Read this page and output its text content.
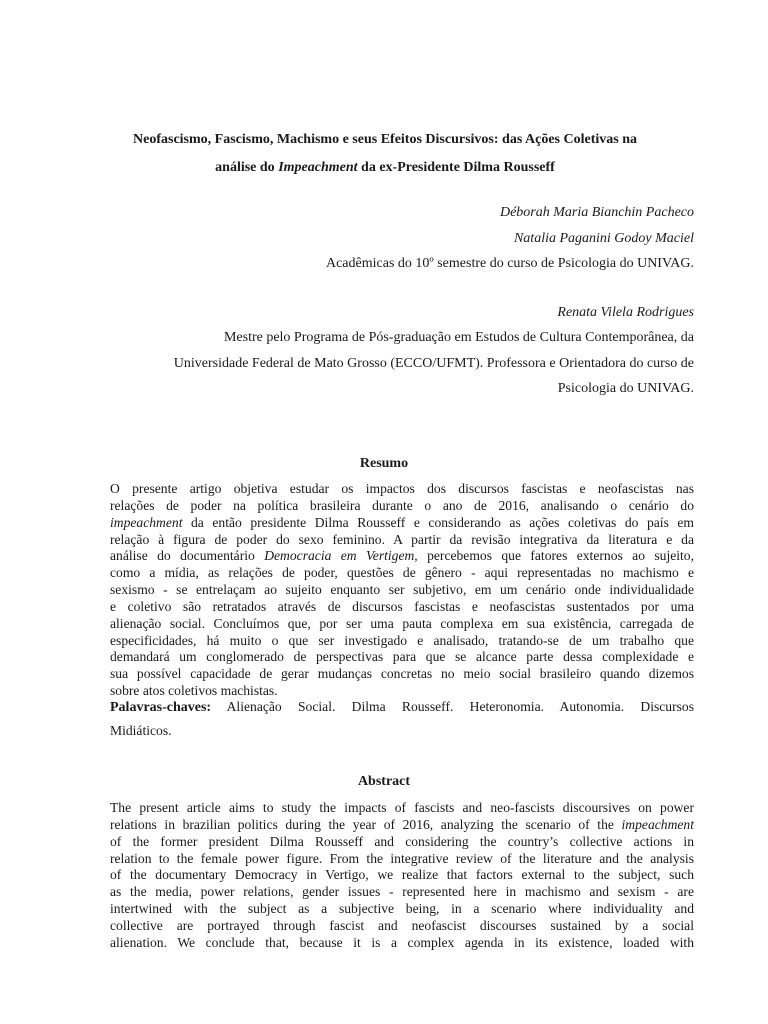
Neofascismo, Fascismo, Machismo e seus Efeitos Discursivos: das Ações Coletivas na
análise do Impeachment da ex-Presidente Dilma Rousseff
Déborah Maria Bianchin Pacheco
Natalia Paganini Godoy Maciel
Acadêmicas do 10º semestre do curso de Psicologia do UNIVAG.
Renata Vilela Rodrigues
Mestre pelo Programa de Pós-graduação em Estudos de Cultura Contemporânea, da
Universidade Federal de Mato Grosso (ECCO/UFMT). Professora e Orientadora do curso de
Psicologia do UNIVAG.
Resumo
O presente artigo objetiva estudar os impactos dos discursos fascistas e neofascistas nas
relações de poder na política brasileira durante o ano de 2016, analisando o cenário do
impeachment da então presidente Dilma Rousseff e considerando as ações coletivas do país em
relação à figura de poder do sexo feminino. A partir da revisão integrativa da literatura e da
análise do documentário Democracia em Vertigem, percebemos que fatores externos ao sujeito,
como a mídia, as relações de poder, questões de gênero - aqui representadas no machismo e
sexismo - se entrelaçam ao sujeito enquanto ser subjetivo, em um cenário onde individualidade
e coletivo são retratados através de discursos fascistas e neofascistas sustentados por uma
alienação social. Concluímos que, por ser uma pauta complexa em sua existência, carregada de
especificidades, há muito o que ser investigado e analisado, tratando-se de um trabalho que
demandará um conglomerado de perspectivas para que se alcance parte dessa complexidade e
sua possível capacidade de gerar mudanças concretas no meio social brasileiro quando dizemos
sobre atos coletivos machistas.
Palavras-chaves: Alienação Social. Dilma Rousseff. Heteronomia. Autonomia. Discursos
Midiáticos.
Abstract
The present article aims to study the impacts of fascists and neo-fascists discoursives on power
relations in brazilian politics during the year of 2016, analyzing the scenario of the impeachment
of the former president Dilma Rousseff and considering the country’s collective actions in
relation to the female power figure. From the integrative review of the literature and the analysis
of the documentary Democracy in Vertigo, we realize that factors external to the subject, such
as the media, power relations, gender issues - represented here in machismo and sexism - are
intertwined with the subject as a subjective being, in a scenario where individuality and
collective are portrayed through fascist and neofascist discourses sustained by a social
alienation. We conclude that, because it is a complex agenda in its existence, loaded with
